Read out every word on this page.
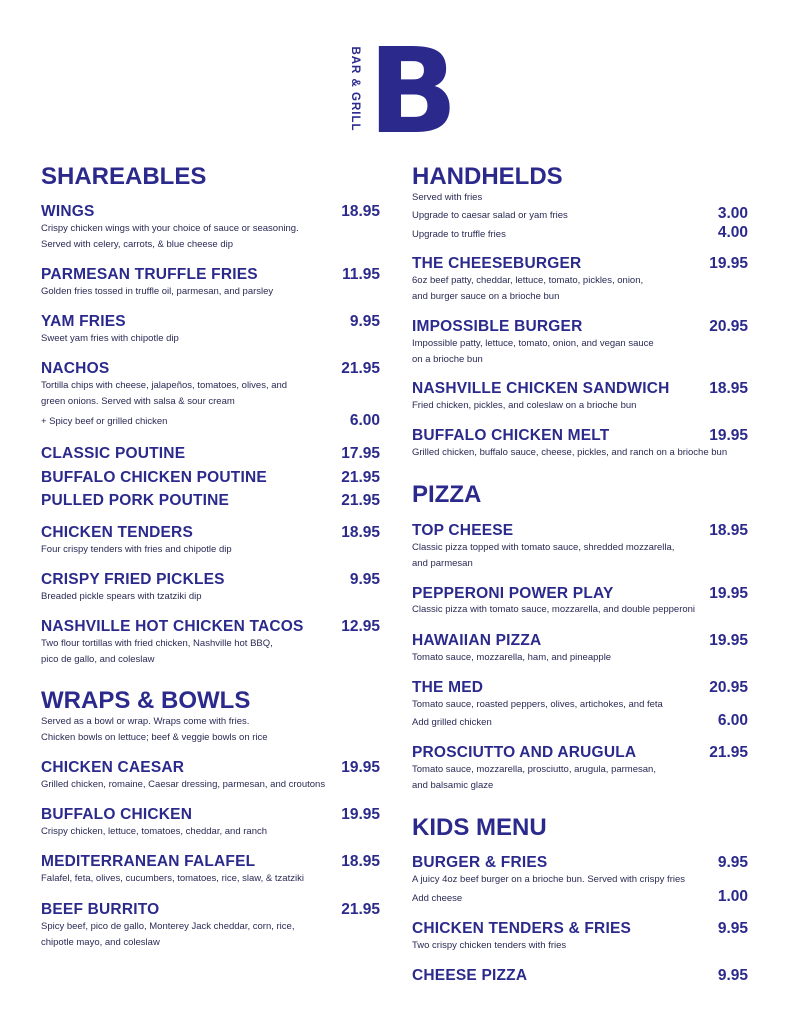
BAR & GRILL B
SHAREABLES
WINGS	18.95
Crispy chicken wings with your choice of sauce or seasoning.
Served with celery, carrots, & blue cheese dip
PARMESAN TRUFFLE FRIES	11.95
Golden fries tossed in truffle oil, parmesan, and parsley
YAM FRIES	9.95
Sweet yam fries with chipotle dip
NACHOS	21.95
Tortilla chips with cheese, jalapeños, tomatoes, olives, and
green onions. Served with salsa & sour cream
+ Spicy beef or grilled chicken	6.00
CLASSIC POUTINE	17.95
BUFFALO CHICKEN POUTINE	21.95
PULLED PORK POUTINE	21.95
CHICKEN TENDERS	18.95
Four crispy tenders with fries and chipotle dip
CRISPY FRIED PICKLES	9.95
Breaded pickle spears with tzatziki dip
NASHVILLE HOT CHICKEN TACOS	12.95
Two flour tortillas with fried chicken, Nashville hot BBQ,
pico de gallo, and coleslaw
WRAPS & BOWLS
Served as a bowl or wrap. Wraps come with fries.
Chicken bowls on lettuce; beef & veggie bowls on rice
CHICKEN CAESAR	19.95
Grilled chicken, romaine, Caesar dressing, parmesan, and croutons
BUFFALO CHICKEN	19.95
Crispy chicken, lettuce, tomatoes, cheddar, and ranch
MEDITERRANEAN FALAFEL	18.95
Falafel, feta, olives, cucumbers, tomatoes, rice, slaw, & tzatziki
BEEF BURRITO	21.95
Spicy beef, pico de gallo, Monterey Jack cheddar, corn, rice,
chipotle mayo, and coleslaw
HANDHELDS
Served with fries
Upgrade to caesar salad or yam fries	3.00
Upgrade to truffle fries	4.00
THE CHEESEBURGER	19.95
6oz beef patty, cheddar, lettuce, tomato, pickles, onion,
and burger sauce on a brioche bun
IMPOSSIBLE BURGER	20.95
Impossible patty, lettuce, tomato, onion, and vegan sauce
on a brioche bun
NASHVILLE CHICKEN SANDWICH	18.95
Fried chicken, pickles, and coleslaw on a brioche bun
BUFFALO CHICKEN MELT	19.95
Grilled chicken, buffalo sauce, cheese, pickles, and ranch on a brioche bun
PIZZA
TOP CHEESE	18.95
Classic pizza topped with tomato sauce, shredded mozzarella,
and parmesan
PEPPERONI POWER PLAY	19.95
Classic pizza with tomato sauce, mozzarella, and double pepperoni
HAWAIIAN PIZZA	19.95
Tomato sauce, mozzarella, ham, and pineapple
THE MED	20.95
Tomato sauce, roasted peppers, olives, artichokes, and feta
Add grilled chicken	6.00
PROSCIUTTO AND ARUGULA	21.95
Tomato sauce, mozzarella, prosciutto, arugula, parmesan,
and balsamic glaze
KIDS MENU
BURGER & FRIES	9.95
A juicy 4oz beef burger on a brioche bun. Served with crispy fries
Add cheese	1.00
CHICKEN TENDERS & FRIES	9.95
Two crispy chicken tenders with fries
CHEESE PIZZA	9.95
